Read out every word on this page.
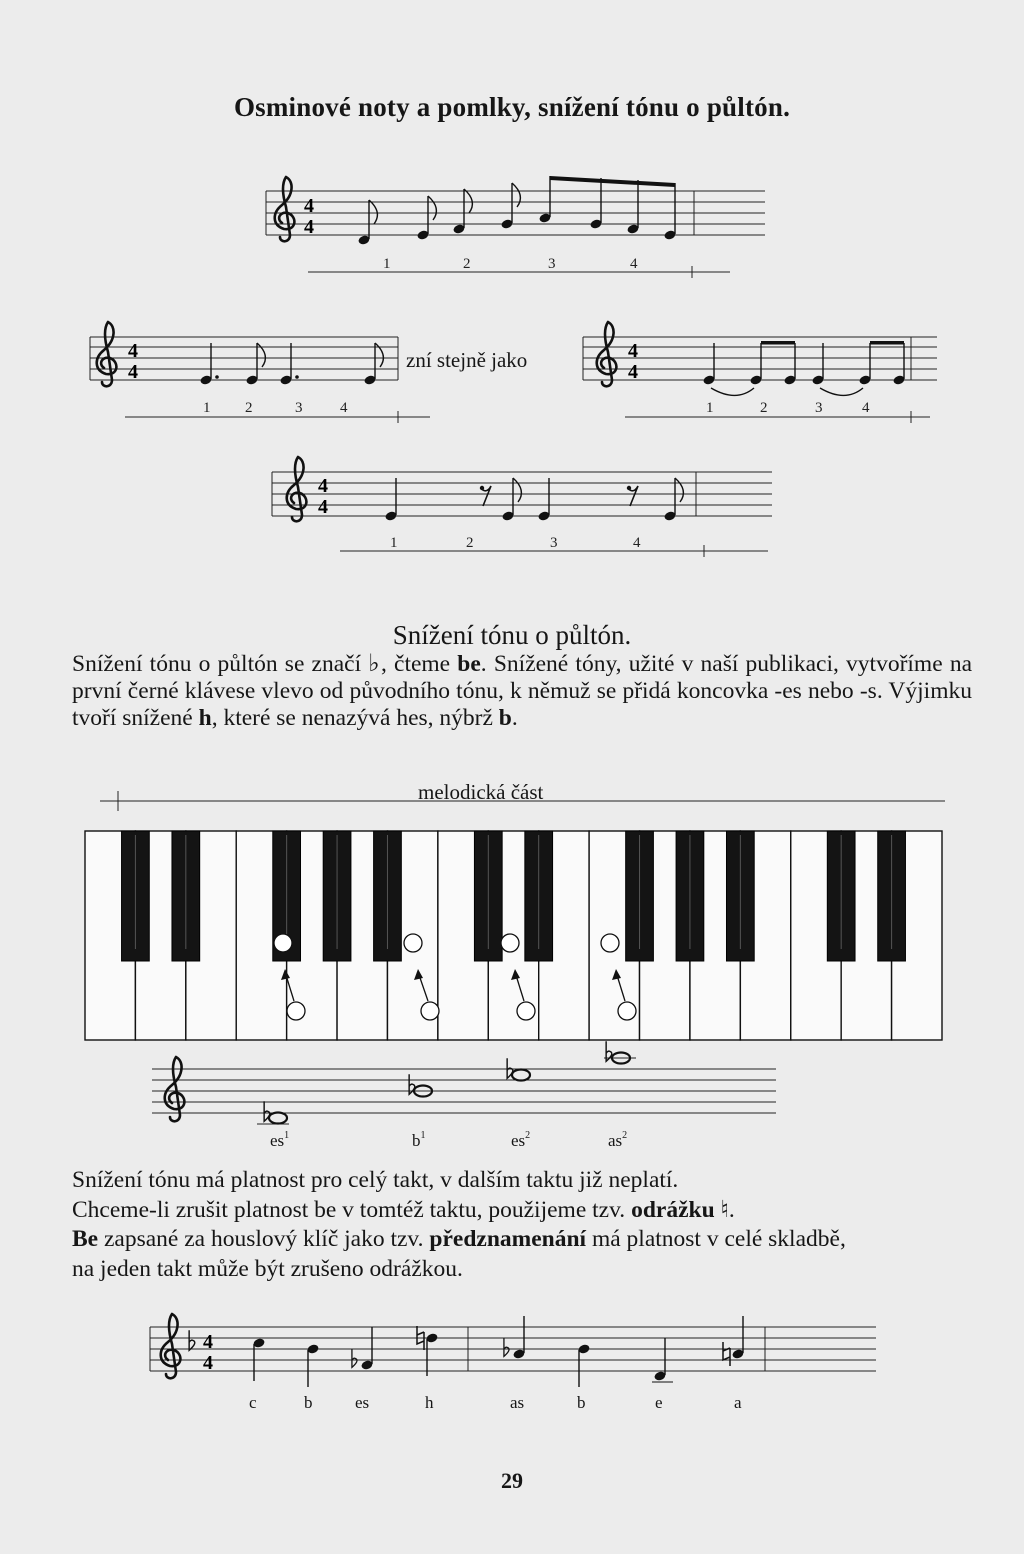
Osminové noty a pomlky, snížení tónu o půltón.
4
4
1	2	3	4
4
4
1 2	3	4
zní stejně jako	4
4
1	2	3	4
4
4
1	2	3	4
melodická část
$es^1$	$b^1$	$es^2$	$as^2$
4
4
c	b	es	h	as	b	e	a
Snížení tónu o půltón.

Snížení tónu o půltón se značí ♭, čteme be. Snížené tóny, užité v naší publikaci, vytvoříme na první černé klávese vlevo od původního tónu, k němuž se přidá koncovka -es nebo -s. Výjimku tvoří snížené h, které se nenazývá hes, nýbrž b.

Snížení tónu má platnost pro celý takt, v dalším taktu již neplatí.

Chceme-li zrušit platnost be v tomtéž taktu, použijeme tzv. odrážku ♮.

Be zapsané za houslový klíč jako tzv. předznamenání má platnost v celé skladbě,

na jeden takt může být zrušeno odrážkou.

29
